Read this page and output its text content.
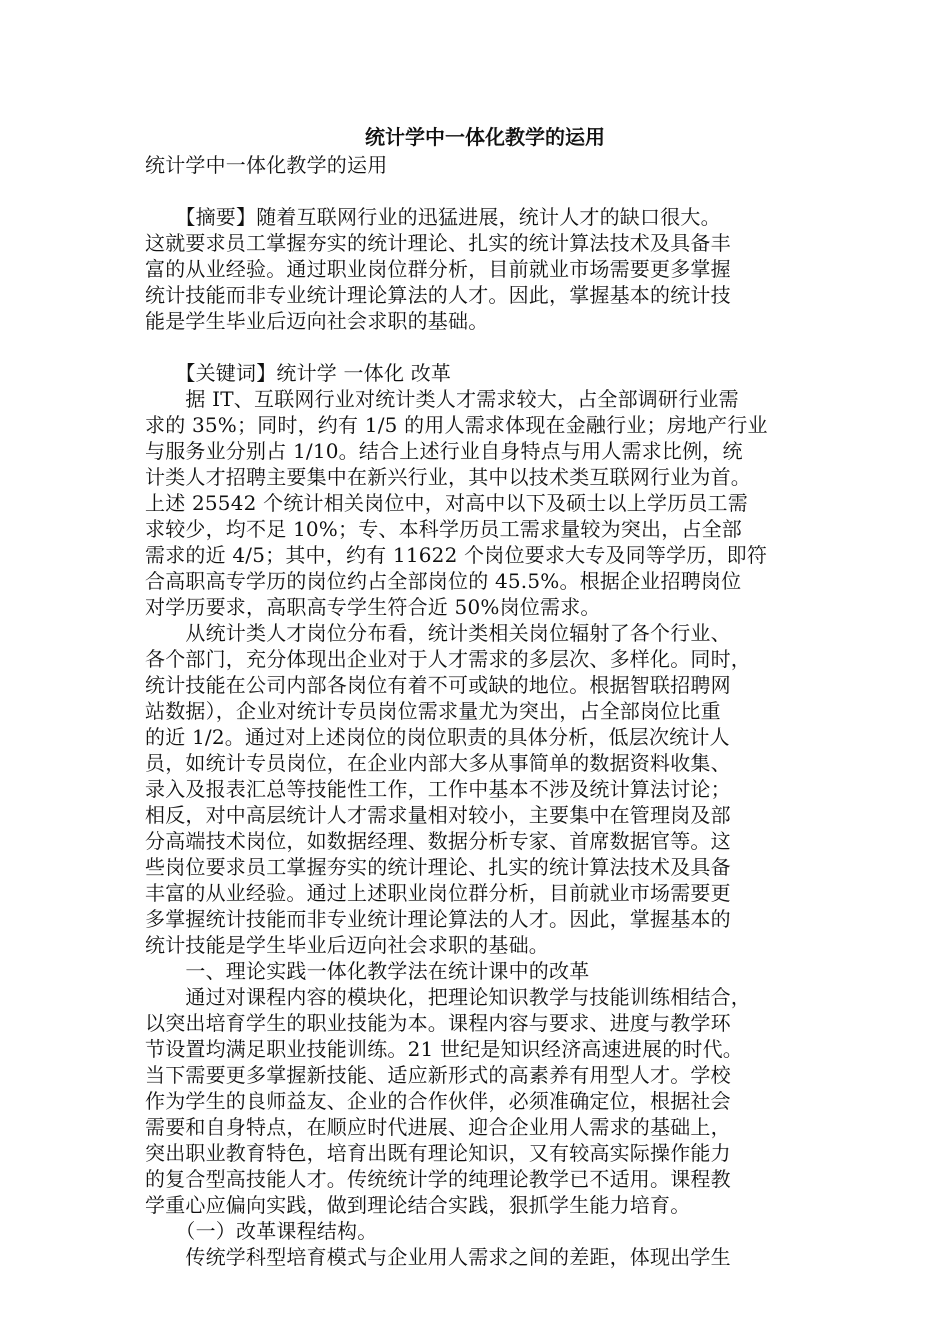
统计学中一体化教学的运用

统计学中一体化教学的运用

　　【摘要】随着互联网行业的迅猛进展，统计人才的缺口很大。

这就要求员工掌握夯实的统计理论、扎实的统计算法技术及具备丰

富的从业经验。通过职业岗位群分析，目前就业市场需要更多掌握

统计技能而非专业统计理论算法的人才。因此，掌握基本的统计技

能是学生毕业后迈向社会求职的基础。

　　【关键词】统计学 一体化 改革

　　据 IT、互联网行业对统计类人才需求较大，占全部调研行业需

求的 35%；同时，约有 1/5 的用人需求体现在金融行业；房地产行业

与服务业分别占 1/10。结合上述行业自身特点与用人需求比例，统

计类人才招聘主要集中在新兴行业，其中以技术类互联网行业为首。

上述 25542 个统计相关岗位中，对高中以下及硕士以上学历员工需

求较少，均不足 10%；专、本科学历员工需求量较为突出，占全部

需求的近 4/5；其中，约有 11622 个岗位要求大专及同等学历，即符

合高职高专学历的岗位约占全部岗位的 45.5%。根据企业招聘岗位

对学历要求，高职高专学生符合近 50%岗位需求。

　　从统计类人才岗位分布看，统计类相关岗位辐射了各个行业、

各个部门，充分体现出企业对于人才需求的多层次、多样化。同时，

统计技能在公司内部各岗位有着不可或缺的地位。根据智联招聘网

站数据），企业对统计专员岗位需求量尤为突出，占全部岗位比重

的近 1/2。通过对上述岗位的岗位职责的具体分析，低层次统计人

员，如统计专员岗位，在企业内部大多从事简单的数据资料收集、

录入及报表汇总等技能性工作，工作中基本不涉及统计算法讨论；

相反，对中高层统计人才需求量相对较小，主要集中在管理岗及部

分高端技术岗位，如数据经理、数据分析专家、首席数据官等。这

些岗位要求员工掌握夯实的统计理论、扎实的统计算法技术及具备

丰富的从业经验。通过上述职业岗位群分析，目前就业市场需要更

多掌握统计技能而非专业统计理论算法的人才。因此，掌握基本的

统计技能是学生毕业后迈向社会求职的基础。

　　一、理论实践一体化教学法在统计课中的改革

　　通过对课程内容的模块化，把理论知识教学与技能训练相结合，

以突出培育学生的职业技能为本。课程内容与要求、进度与教学环

节设置均满足职业技能训练。21 世纪是知识经济高速进展的时代。

当下需要更多掌握新技能、适应新形式的高素养有用型人才。学校

作为学生的良师益友、企业的合作伙伴，必须准确定位，根据社会

需要和自身特点，在顺应时代进展、迎合企业用人需求的基础上，

突出职业教育特色，培育出既有理论知识，又有较高实际操作能力

的复合型高技能人才。传统统计学的纯理论教学已不适用。课程教

学重心应偏向实践，做到理论结合实践，狠抓学生能力培育。

　　（一）改革课程结构。

　　传统学科型培育模式与企业用人需求之间的差距，体现出学生
